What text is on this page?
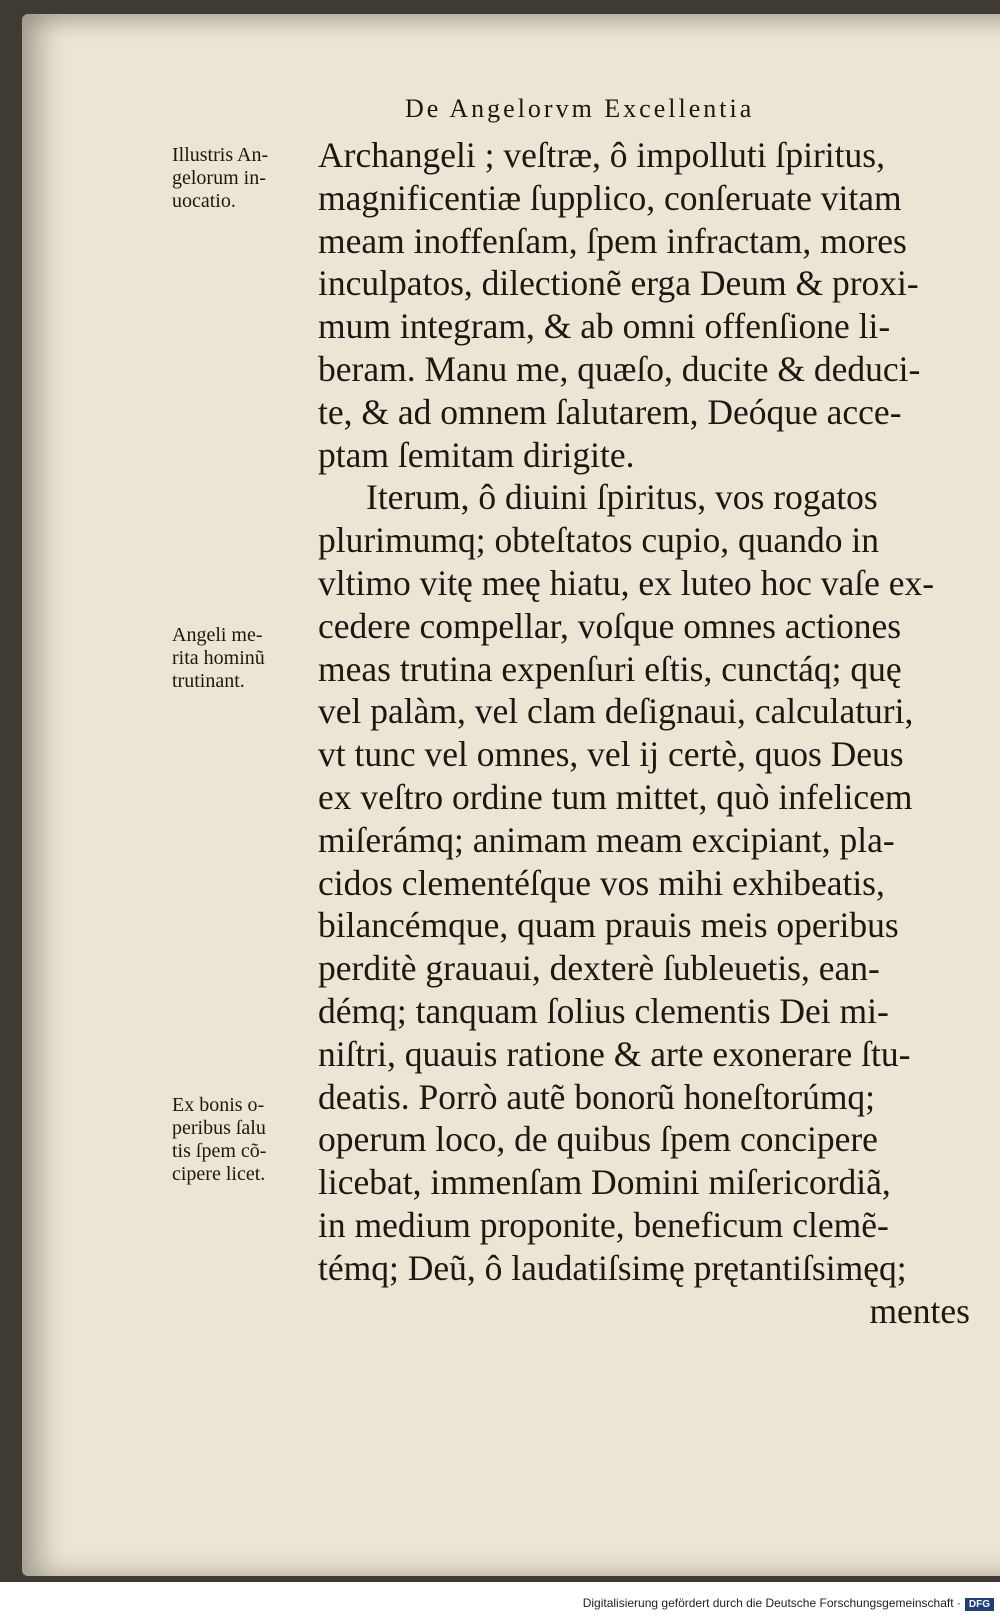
De Angelorvm Excellentia
Illustris An-
gelorum in-
uocatio.
Angeli me-
rita hominũ
trutinant.
Ex bonis o-
peribus ſalu
tis ſpem cõ-
cipere licet.
Archangeli ; veſtræ, ô impolluti ſpiritus,
magnificentiæ ſupplico, conſeruate vitam
meam inoffenſam, ſpem infractam, mores
inculpatos, dilectionẽ erga Deum & proxi-
mum integram, & ab omni offenſione li-
beram. Manu me, quæſo, ducite & deduci-
te, & ad omnem ſalutarem, Deóque acce-
ptam ſemitam dirigite.
Iterum, ô diuini ſpiritus, vos rogatos
plurimumq; obteſtatos cupio, quando in
vltimo vitę meę hiatu, ex luteo hoc vaſe ex-
cedere compellar, voſque omnes actiones
meas trutina expenſuri eſtis, cunctáq; quę
vel palàm, vel clam deſignaui, calculaturi,
vt tunc vel omnes, vel ij certè, quos Deus
ex veſtro ordine tum mittet, quò infelicem
miſerámq; animam meam excipiant, pla-
cidos clementéſque vos mihi exhibeatis,
bilancémque, quam prauis meis operibus
perditè grauaui, dexterè ſubleuetis, ean-
démq; tanquam ſolius clementis Dei mi-
niſtri, quauis ratione & arte exonerare ſtu-
deatis. Porrò autẽ bonorũ honeſtorúmq;
operum loco, de quibus ſpem concipere
licebat, immenſam Domini miſericordiã,
in medium proponite, beneficum clemẽ-
témq; Deũ, ô laudatiſsimę prętantiſsimęq;
mentes
Digitalisierung gefördert durch die Deutsche Forschungsgemeinschaft · DFG
